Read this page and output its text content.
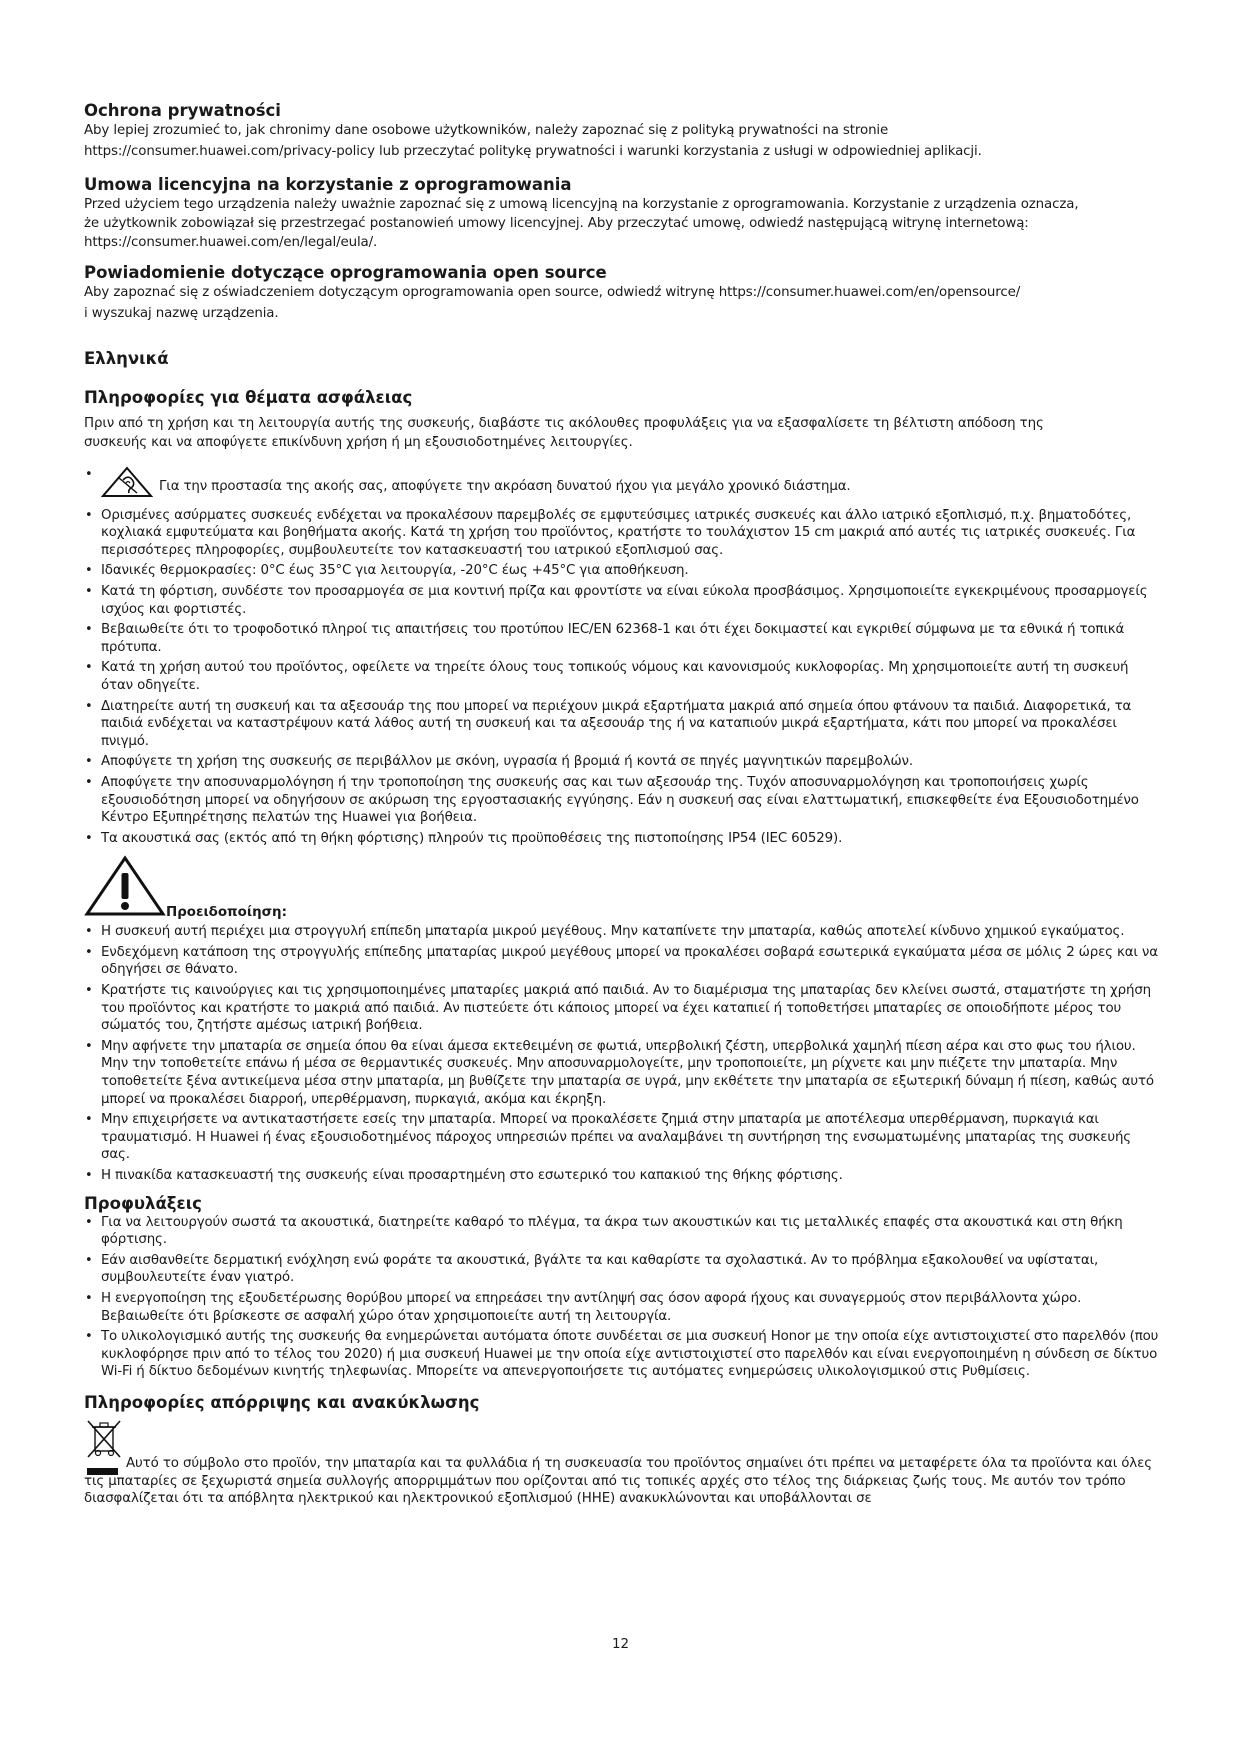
Ochrona prywatności

Aby lepiej zrozumieć to, jak chronimy dane osobowe użytkowników, należy zapoznać się z polityką prywatności na stronie

https://consumer.huawei.com/privacy-policy lub przeczytać politykę prywatności i warunki korzystania z usługi w odpowiedniej aplikacji.

Umowa licencyjna na korzystanie z oprogramowania

Przed użyciem tego urządzenia należy uważnie zapoznać się z umową licencyjną na korzystanie z oprogramowania. Korzystanie z urządzenia oznacza,

że użytkownik zobowiązał się przestrzegać postanowień umowy licencyjnej. Aby przeczytać umowę, odwiedź następującą witrynę internetową:

https://consumer.huawei.com/en/legal/eula/.

Powiadomienie dotyczące oprogramowania open source

Aby zapoznać się z oświadczeniem dotyczącym oprogramowania open source, odwiedź witrynę https://consumer.huawei.com/en/opensource/

i wyszukaj nazwę urządzenia.

Ελληνικά
Πληροφορίες για θέματα ασφάλειας

Πριν από τη χρήση και τη λειτουργία αυτής της συσκευής, διαβάστε τις ακόλουθες προφυλάξεις για να εξασφαλίσετε τη βέλτιστη απόδοση της

συσκευής και να αποφύγετε επικίνδυνη χρήση ή μη εξουσιοδοτημένες λειτουργίες.

• Για την προστασία της ακοής σας, αποφύγετε την ακρόαση δυνατού ήχου για μεγάλο χρονικό διάστημα.
• Ορισμένες ασύρματες συσκευές ενδέχεται να προκαλέσουν παρεμβολές σε εμφυτεύσιμες ιατρικές συσκευές και άλλο ιατρικό εξοπλισμό, π.χ. βηματοδότες, κοχλιακά εμφυτεύματα και βοηθήματα ακοής. Κατά τη χρήση του προϊόντος, κρατήστε το τουλάχιστον 15 cm μακριά από αυτές τις ιατρικές συσκευές. Για περισσότερες πληροφορίες, συμβουλευτείτε τον κατασκευαστή του ιατρικού εξοπλισμού σας.
• Ιδανικές θερμοκρασίες: 0°C έως 35°C για λειτουργία, -20°C έως +45°C για αποθήκευση.
• Κατά τη φόρτιση, συνδέστε τον προσαρμογέα σε μια κοντινή πρίζα και φροντίστε να είναι εύκολα προσβάσιμος. Χρησιμοποιείτε εγκεκριμένους προσαρμογείς ισχύος και φορτιστές.
• Βεβαιωθείτε ότι το τροφοδοτικό πληροί τις απαιτήσεις του προτύπου IEC/EN 62368-1 και ότι έχει δοκιμαστεί και εγκριθεί σύμφωνα με τα εθνικά ή τοπικά πρότυπα.
• Κατά τη χρήση αυτού του προϊόντος, οφείλετε να τηρείτε όλους τους τοπικούς νόμους και κανονισμούς κυκλοφορίας. Μη χρησιμοποιείτε αυτή τη συσκευή όταν οδηγείτε.
• Διατηρείτε αυτή τη συσκευή και τα αξεσουάρ της που μπορεί να περιέχουν μικρά εξαρτήματα μακριά από σημεία όπου φτάνουν τα παιδιά. Διαφορετικά, τα παιδιά ενδέχεται να καταστρέψουν κατά λάθος αυτή τη συσκευή και τα αξεσουάρ της ή να καταπιούν μικρά εξαρτήματα, κάτι που μπορεί να προκαλέσει πνιγμό.
• Αποφύγετε τη χρήση της συσκευής σε περιβάλλον με σκόνη, υγρασία ή βρομιά ή κοντά σε πηγές μαγνητικών παρεμβολών.
• Αποφύγετε την αποσυναρμολόγηση ή την τροποποίηση της συσκευής σας και των αξεσουάρ της. Τυχόν αποσυναρμολόγηση και τροποποιήσεις χωρίς εξουσιοδότηση μπορεί να οδηγήσουν σε ακύρωση της εργοστασιακής εγγύησης. Εάν η συσκευή σας είναι ελαττωματική, επισκεφθείτε ένα Εξουσιοδοτημένο Κέντρο Εξυπηρέτησης πελατών της Huawei για βοήθεια.
• Τα ακουστικά σας (εκτός από τη θήκη φόρτισης) πληρούν τις προϋποθέσεις της πιστοποίησης IP54 (IEC 60529).
Προειδοποίηση:
• Η συσκευή αυτή περιέχει μια στρογγυλή επίπεδη μπαταρία μικρού μεγέθους. Μην καταπίνετε την μπαταρία, καθώς αποτελεί κίνδυνο χημικού εγκαύματος.
• Ενδεχόμενη κατάποση της στρογγυλής επίπεδης μπαταρίας μικρού μεγέθους μπορεί να προκαλέσει σοβαρά εσωτερικά εγκαύματα μέσα σε μόλις 2 ώρες και να οδηγήσει σε θάνατο.
• Κρατήστε τις καινούργιες και τις χρησιμοποιημένες μπαταρίες μακριά από παιδιά. Αν το διαμέρισμα της μπαταρίας δεν κλείνει σωστά, σταματήστε τη χρήση του προϊόντος και κρατήστε το μακριά από παιδιά. Αν πιστεύετε ότι κάποιος μπορεί να έχει καταπιεί ή τοποθετήσει μπαταρίες σε οποιοδήποτε μέρος του σώματός του, ζητήστε αμέσως ιατρική βοήθεια.
• Μην αφήνετε την μπαταρία σε σημεία όπου θα είναι άμεσα εκτεθειμένη σε φωτιά, υπερβολική ζέστη, υπερβολικά χαμηλή πίεση αέρα και στο φως του ήλιου. Μην την τοποθετείτε επάνω ή μέσα σε θερμαντικές συσκευές. Μην αποσυναρμολογείτε, μην τροποποιείτε, μη ρίχνετε και μην πιέζετε την μπαταρία. Μην τοποθετείτε ξένα αντικείμενα μέσα στην μπαταρία, μη βυθίζετε την μπαταρία σε υγρά, μην εκθέτετε την μπαταρία σε εξωτερική δύναμη ή πίεση, καθώς αυτό μπορεί να προκαλέσει διαρροή, υπερθέρμανση, πυρκαγιά, ακόμα και έκρηξη.
• Μην επιχειρήσετε να αντικαταστήσετε εσείς την μπαταρία. Μπορεί να προκαλέσετε ζημιά στην μπαταρία με αποτέλεσμα υπερθέρμανση, πυρκαγιά και τραυματισμό. Η Huawei ή ένας εξουσιοδοτημένος πάροχος υπηρεσιών πρέπει να αναλαμβάνει τη συντήρηση της ενσωματωμένης μπαταρίας της συσκευής σας.
• Η πινακίδα κατασκευαστή της συσκευής είναι προσαρτημένη στο εσωτερικό του καπακιού της θήκης φόρτισης.
Προφυλάξεις
• Για να λειτουργούν σωστά τα ακουστικά, διατηρείτε καθαρό το πλέγμα, τα άκρα των ακουστικών και τις μεταλλικές επαφές στα ακουστικά και στη θήκη φόρτισης.
• Εάν αισθανθείτε δερματική ενόχληση ενώ φοράτε τα ακουστικά, βγάλτε τα και καθαρίστε τα σχολαστικά. Αν το πρόβλημα εξακολουθεί να υφίσταται, συμβουλευτείτε έναν γιατρό.
• Η ενεργοποίηση της εξουδετέρωσης θορύβου μπορεί να επηρεάσει την αντίληψή σας όσον αφορά ήχους και συναγερμούς στον περιβάλλοντα χώρο. Βεβαιωθείτε ότι βρίσκεστε σε ασφαλή χώρο όταν χρησιμοποιείτε αυτή τη λειτουργία.
• Το υλικολογισμικό αυτής της συσκευής θα ενημερώνεται αυτόματα όποτε συνδέεται σε μια συσκευή Honor με την οποία είχε αντιστοιχιστεί στο παρελθόν (που κυκλοφόρησε πριν από το τέλος του 2020) ή μια συσκευή Huawei με την οποία είχε αντιστοιχιστεί στο παρελθόν και είναι ενεργοποιημένη η σύνδεση σε δίκτυο Wi-Fi ή δίκτυο δεδομένων κινητής τηλεφωνίας. Μπορείτε να απενεργοποιήσετε τις αυτόματες ενημερώσεις υλικολογισμικού στις Ρυθμίσεις.
Πληροφορίες απόρριψης και ανακύκλωσης

Αυτό το σύμβολο στο προϊόν, την μπαταρία και τα φυλλάδια ή τη συσκευασία του προϊόντος σημαίνει ότι πρέπει να μεταφέρετε όλα τα προϊόντα και όλες τις μπαταρίες σε ξεχωριστά σημεία συλλογής απορριμμάτων που ορίζονται από τις τοπικές αρχές στο τέλος της διάρκειας ζωής τους. Με αυτόν τον τρόπο διασφαλίζεται ότι τα απόβλητα ηλεκτρικού και ηλεκτρονικού εξοπλισμού (ΗΗΕ) ανακυκλώνονται και υποβάλλονται σε

12
